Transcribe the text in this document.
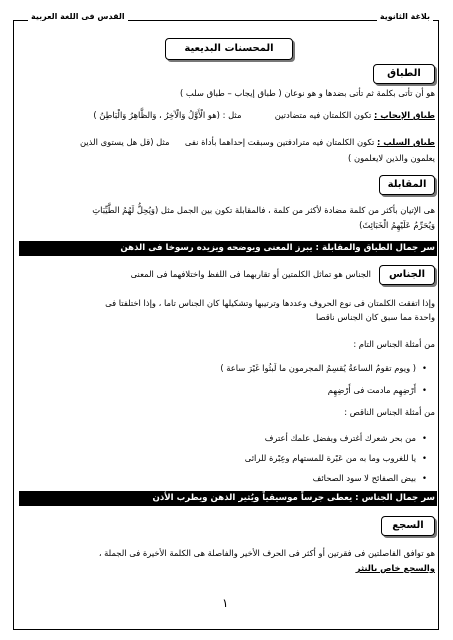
بلاغة الثانوية
القدس فى اللغة العربية
المحسنات البديعية
الطباق
هو أن تأتى بكلمة ثم تأتى بضدها و هو نوعان ( طباق إيجاب – طباق سلب )
طباق الإيجاب : تكون الكلمتان فيه متضادتين  مثل : (هو الْأَوَّلُ وَالْآخِرُ ، وَالظَّاهِرُ وَالْبَاطِنُ )
طباق السلب : تكون الكلمتان فيه مترادفتين وسبقت إحداهما بأداة نفى  مثل (قل هل يستوى الذين
يعلمون والذين لايعلمون )
المقابلة
هى الإتيان بأكثر من كلمة مضادة لأكثر من كلمة ، فالمقابلة تكون بين الجمل مثل (وَيُحِلُّ لَهُمُ الطَّيِّبَاتِ
وَيُحَرِّمُ عَلَيْهِمُ الْخَبَائِثَ)
سر جمال الطباق والمقابلة : يبرز المعنى ويوضحه ويزيده رسوخا فى الذهن
الجناس
الجناس هو تماثل الكلمتين أو تقاربهما فى اللفظ واختلافهما فى المعنى
وإذا اتفقت الكلمتان فى نوع الحروف وعددها وترتيبها وتشكيلها كان الجناس تاما ، وإذا اختلفتا فى
واحدة مما سبق كان الجناس ناقصا
من أمثلة الجناس التام :
• ( ويوم تقومُ الساعةُ يُقسِمُ المجرمون ما لَبثُوا غَيْرَ ساعة )
• أَرْضِهِم مادمت فى أَرْضِهِم
من أمثلة الجناس الناقص :
• من بحر شعرك أغترف وبفضل علمك أعترف
• يا للغروب وما به من عَبْرة للمستهام وعِبْرة للرائى
• بيض الصفائح لا سود الصحائف
سر جمال الجناس : يعطى جرساً موسيقياً ويُثير الذهن ويطرب الأذن
السجع
هو توافق الفاصلتين فى فقرتين أو أكثر فى الحرف الأخير والفاصلة هى الكلمة الأخيرة فى الجملة ،
والسجع خاص بالنثر
١
